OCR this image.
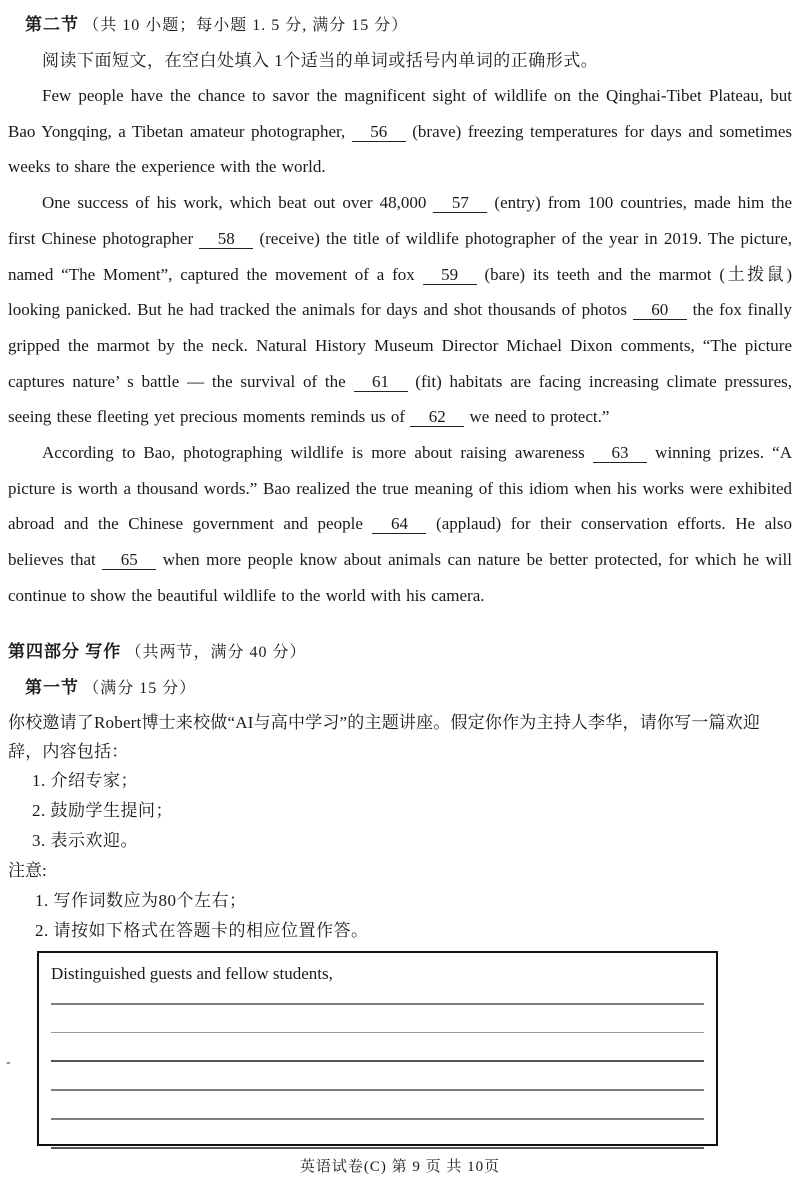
第二节 （共 10 小题；每小题 1. 5 分, 满分 15 分）
阅读下面短文，在空白处填入 1个适当的单词或括号内单词的正确形式。

Few people have the chance to savor the magnificent sight of wildlife on the Qinghai-Tibet Plateau, but Bao Yongqing, a Tibetan amateur photographer, 56 (brave) freezing temperatures for days and sometimes weeks to share the experience with the world.

One success of his work, which beat out over 48,000 57 (entry) from 100 countries, made him the first Chinese photographer 58 (receive) the title of wildlife photographer of the year in 2019. The picture, named “The Moment”, captured the movement of a fox 59 (bare) its teeth and the marmot (土拨鼠) looking panicked. But he had tracked the animals for days and shot thousands of photos 60 the fox finally gripped the marmot by the neck. Natural History Museum Director Michael Dixon comments, “The picture captures nature’ s battle — the survival of the 61 (fit) habitats are facing increasing climate pressures, seeing these fleeting yet precious moments reminds us of 62 we need to protect.”

According to Bao, photographing wildlife is more about raising awareness 63 winning prizes. “A picture is worth a thousand words.” Bao realized the true meaning of this idiom when his works were exhibited abroad and the Chinese government and people 64 (applaud) for their conservation efforts. He also believes that 65 when more people know about animals can nature be better protected, for which he will continue to show the beautiful wildlife to the world with his camera.

第四部分 写作 （共两节，满分 40 分）
第一节 （满分 15 分）
你校邀请了Robert博士来校做“AI与高中学习”的主题讲座。假定你作为主持人李华，请你写一篇欢迎辞，内容包括：
1. 介绍专家；
2. 鼓励学生提问；
3. 表示欢迎。
注意:
1. 写作词数应为80个左右；
2. 请按如下格式在答题卡的相应位置作答。
Distinguished guests and fellow students,
英语试卷(C) 第 9 页 共 10页
-
